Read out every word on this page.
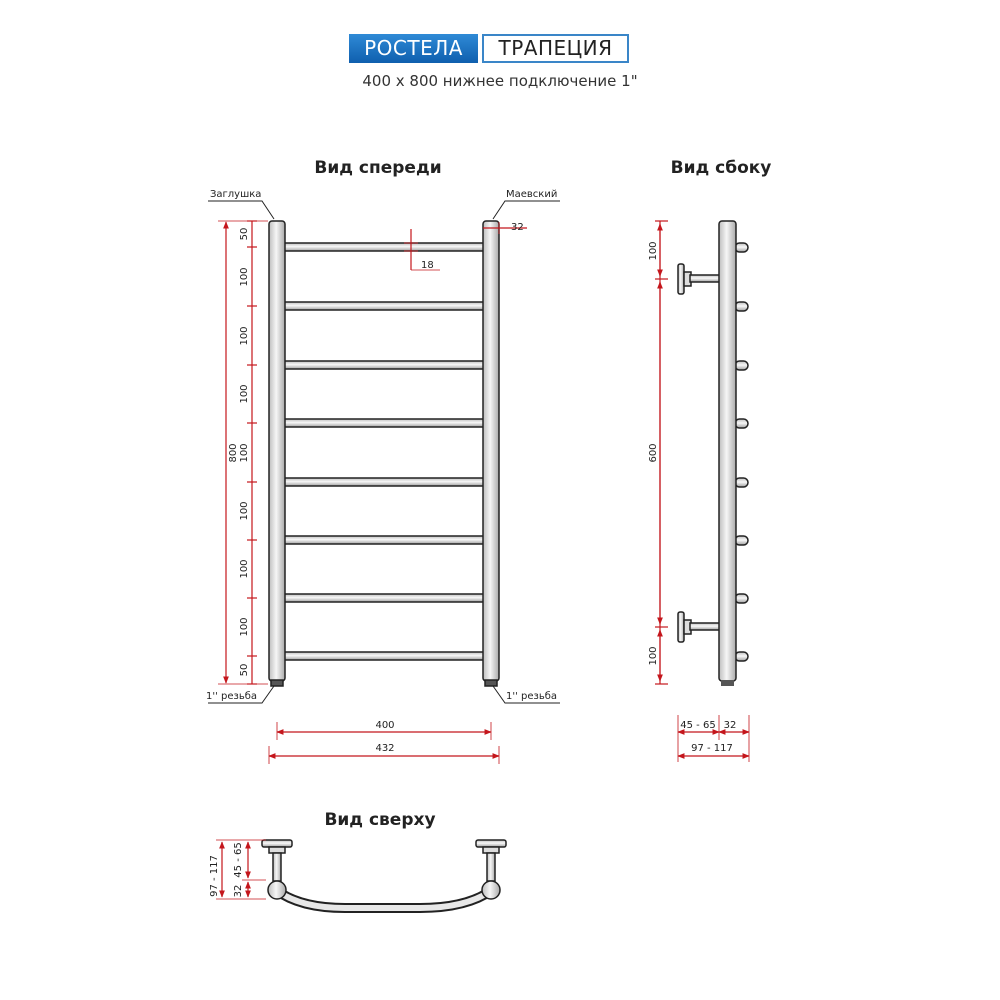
РОСТЕЛА	ТРАПЕЦИЯ
400 x 800 нижнее подключение 1"
Вид спереди
Заглушка	Маевский
1'' резьба	1'' резьба
800
50
100
100
100
100
100
100
100
50
32
18
400
432
Вид сбоку
100
600
100
45 - 65 32
97 - 117
Вид сверху
97 - 117 32
45 - 65
